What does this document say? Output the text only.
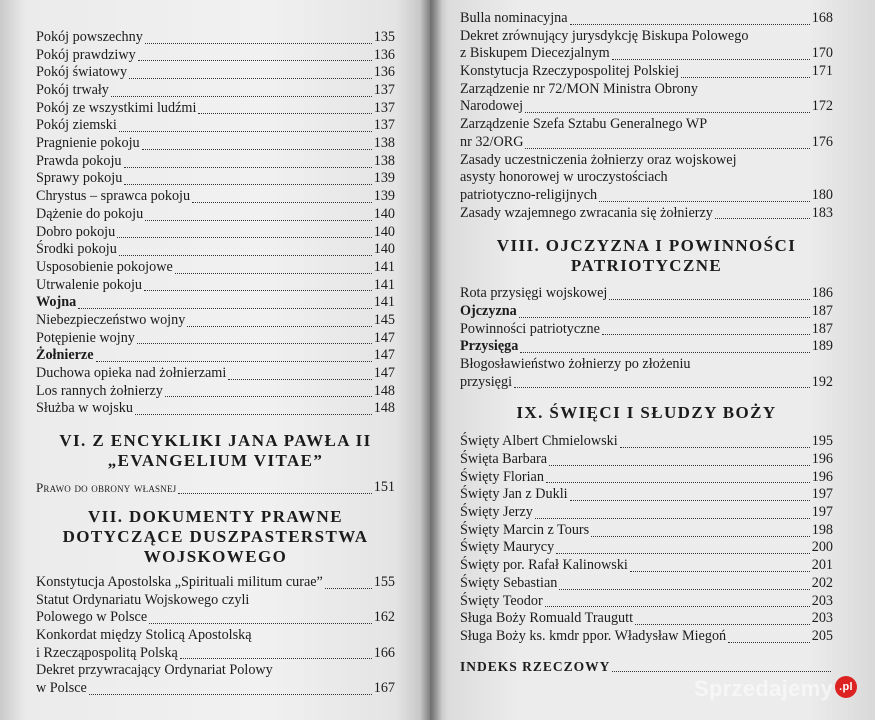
Pokój powszechny	135
Pokój prawdziwy	136
Pokój światowy	136
Pokój trwały	137
Pokój ze wszystkimi ludźmi	137
Pokój ziemski	137
Pragnienie pokoju	138
Prawda pokoju	138
Sprawy pokoju	139
Chrystus – sprawca pokoju	139
Dążenie do pokoju	140
Dobro pokoju	140
Środki pokoju	140
Usposobienie pokojowe	141
Utrwalenie pokoju	141
Wojna	141
Niebezpieczeństwo wojny	145
Potępienie wojny	147
Żołnierze	147
Duchowa opieka nad żołnierzami	147
Los rannych żołnierzy	148
Służba w wojsku	148
VI. Z ENCYKLIKI JANA PAWŁA II
„EVANGELIUM VITAE”
Prawo do obrony własnej	151
VII. DOKUMENTY PRAWNE
DOTYCZĄCE DUSZPASTERSTWA
WOJSKOWEGO
Konstytucja Apostolska „Spirituali militum curae”	155
Statut Ordynariatu Wojskowego czyli
Polowego w Polsce	162
Konkordat między Stolicą Apostolską
i Rzecząpospolitą Polską	166
Dekret przywracający Ordynariat Polowy
w Polsce	167
Bulla nominacyjna	168
Dekret zrównujący jurysdykcję Biskupa Polowego
z Biskupem Diecezjalnym	170
Konstytucja Rzeczypospolitej Polskiej	171
Zarządzenie nr 72/MON Ministra Obrony
Narodowej	172
Zarządzenie Szefa Sztabu Generalnego WP
nr 32/ORG	176
Zasady uczestniczenia żołnierzy oraz wojskowej
asysty honorowej w uroczystościach
patriotyczno-religijnych	180
Zasady wzajemnego zwracania się żołnierzy	183
VIII. OJCZYZNA I POWINNOŚCI
PATRIOTYCZNE
Rota przysięgi wojskowej	186
Ojczyzna	187
Powinności patriotyczne	187
Przysięga	189
Błogosławieństwo żołnierzy po złożeniu
przysięgi	192
IX. ŚWIĘCI I SŁUDZY BOŻY
Święty Albert Chmielowski	195
Święta Barbara	196
Święty Florian	196
Święty Jan z Dukli	197
Święty Jerzy	197
Święty Marcin z Tours	198
Święty Maurycy	200
Święty por. Rafał Kalinowski	201
Święty Sebastian	202
Święty Teodor	203
Sługa Boży Romuald Traugutt	203
Sługa Boży ks. kmdr ppor. Władysław Miegoń	205
INDEKS RZECZOWY
Sprzedajemy .pl
